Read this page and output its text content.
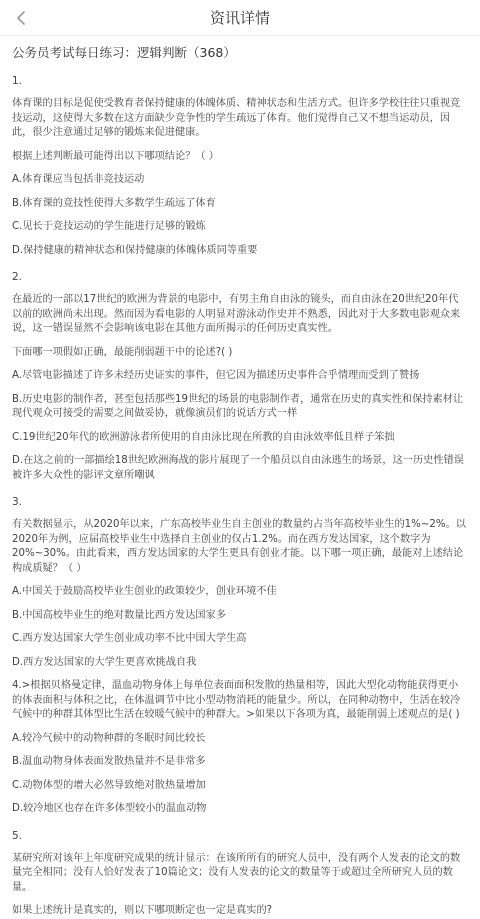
资讯详情
公务员考试每日练习：逻辑判断（368）
1.
体育课的目标是促使受教育者保持健康的体魄体质、精神状态和生活方式。但许多学校往往只重视竞技运动，这使得大多数在这方面缺少竞争性的学生疏远了体育。他们觉得自己又不想当运动员，因此，很少注意通过足够的锻炼来促进健康。
根据上述判断最可能得出以下哪项结论？（ ）
A.体育课应当包括非竞技运动
B.体育课的竞技性使得大多数学生疏远了体育
C.见长于竞技运动的学生能进行足够的锻炼
D.保持健康的精神状态和保持健康的体魄体质同等重要
2.
在最近的一部以17世纪的欧洲为背景的电影中，有男主角自由泳的镜头，而自由泳在20世纪20年代以前的欧洲尚未出现。然而因为看电影的人明显对游泳动作史并不熟悉，因此对于大多数电影观众来说，这一错误显然不会影响该电影在其他方面所揭示的任何历史真实性。
下面哪一项假如正确，最能削弱题干中的论述?( )
A.尽管电影描述了许多未经历史证实的事件，但它因为描述历史事件合乎情理而受到了赞扬
B.历史电影的制作者，甚至包括那些19世纪的场景的电影制作者，通常在历史的真实性和保持素材让现代观众可接受的需要之间做妥协，就像演员们的说话方式一样
C.19世纪20年代的欧洲游泳者所使用的自由泳比现在所教的自由泳效率低且样子笨拙
D.在这之前的一部描绘18世纪欧洲海战的影片展现了一个船员以自由泳逃生的场景，这一历史性错误被许多大众性的影评文章所嘲讽
3.
有关数据显示，从2020年以来，广东高校毕业生自主创业的数量约占当年高校毕业生的1%~2%。以2020年为例，应届高校毕业生中选择自主创业的仅占1.2%。而在西方发达国家，这个数字为20%~30%。由此看来，西方发达国家的大学生更具有创业才能。以下哪一项正确，最能对上述结论构成质疑？（ ）
A.中国关于鼓励高校毕业生创业的政策较少，创业环境不佳
B.中国高校毕业生的绝对数量比西方发达国家多
C.西方发达国家大学生创业成功率不比中国大学生高
D.西方发达国家的大学生更喜欢挑战自我
4.>根据贝格曼定律，温血动物身体上每单位表面面积发散的热量相等，因此大型化动物能获得更小的体表面积与体积之比，在体温调节中比小型动物消耗的能量少。所以，在同种动物中，生活在较冷气候中的种群其体型比生活在较暖气候中的种群大。>如果以下各项为真，最能削弱上述观点的是( )
A.较冷气候中的动物种群的冬眠时间比较长
B.温血动物身体表面发散热量并不是非常多
C.动物体型的增大必然导致绝对散热量增加
D.较冷地区也存在许多体型较小的温血动物
5.
某研究所对该年上年度研究成果的统计显示：在该所所有的研究人员中，没有两个人发表的论文的数量完全相同；没有人恰好发表了10篇论文；没有人发表的论文的数量等于或超过全所研究人员的数量。
如果上述统计是真实的，则以下哪项断定也一定是真实的?
